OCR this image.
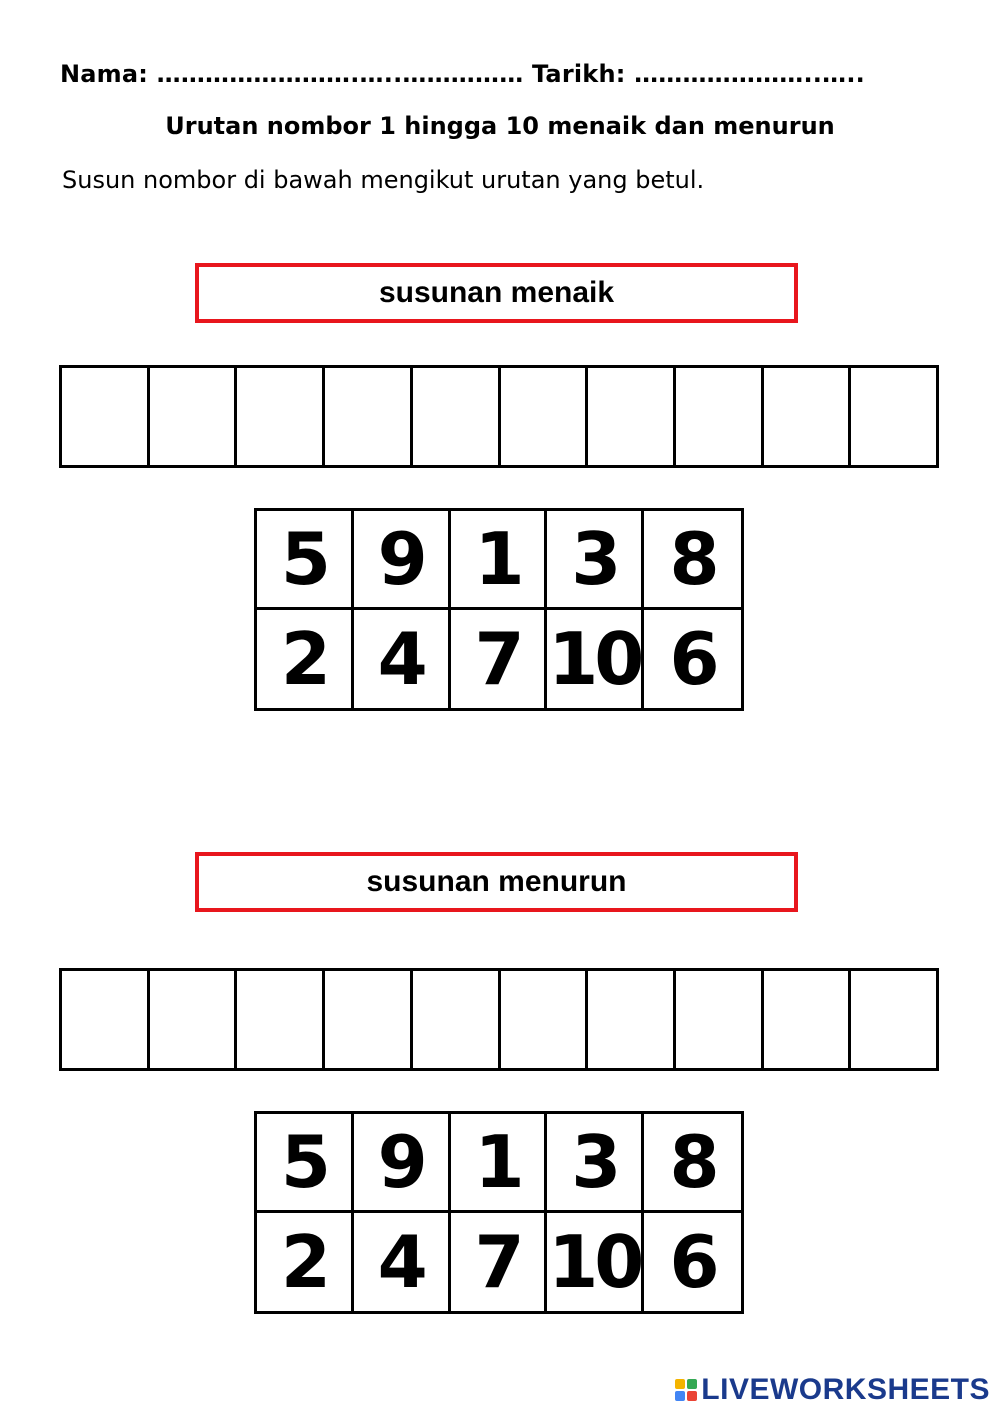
Nama: …………………….…..…………… Tarikh: …………………..…..
Urutan nombor 1 hingga 10 menaik dan menurun
Susun nombor di bawah mengikut urutan yang betul.
susunan menaik
5 9 1 3 8
2 4 7 10 6
susunan menurun
5 9 1 3 8
2 4 7 10 6
LIVEWORKSHEETS
